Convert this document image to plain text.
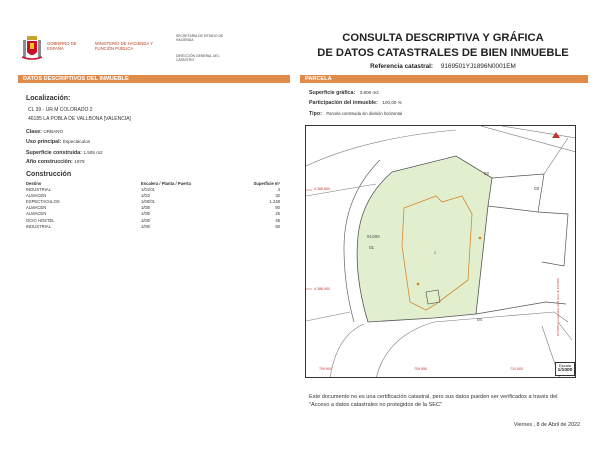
GOBIERNO DE ESPAÑA
MINISTERIO DE HACIENDA Y FUNCIÓN PÚBLICA
SECRETARÍA DE ESTADO DE HACIENDA
DIRECCIÓN GENERAL DEL CATASTRO
CONSULTA DESCRIPTIVA Y GRÁFICA
DE DATOS CATASTRALES DE BIEN INMUEBLE
Referencia catastral: 9169501YJ1896N0001EM
DATOS DESCRIPTIVOS DEL INMUEBLE
Localización:
CL 39 - UR M COLORADO 2
46185 LA POBLA DE VALLBONA [VALENCIA]
Clase: URBANO
Uso principal: Espectáculos
Superficie construida: 1.505 m2
Año construcción: 1978
Construcción
Destino	Escalera / Planta / Puerta	Superficie m²
INDUSTRIAL	1/01/01	4
ALMACEN	1/01/	32
ESPECTACULOS	1/00/01	1.248
ALMACEN	1/00/	80
ALMACEN	1/00/	25
OCIO HOSTEL	1/00/	46
INDUSTRIAL	1/00/	50
PARCELA
Superficie gráfica: 3.800 m2
Participación del inmueble: 100,00 %
Tipo: Parcela construida sin división horizontal
4.386.800
4.386.900
709.900	709.950	710.000
91695
01
02
03
04
1
ETRS89 Coordenadas UTM Huso 30 ETRS89
Escala
1/1000
Este documento no es una certificación catastral, pero sus datos pueden ser verificados a través del "Acceso a datos catastrales no protegidos de la SEC"
Viernes , 8 de Abril de 2022
